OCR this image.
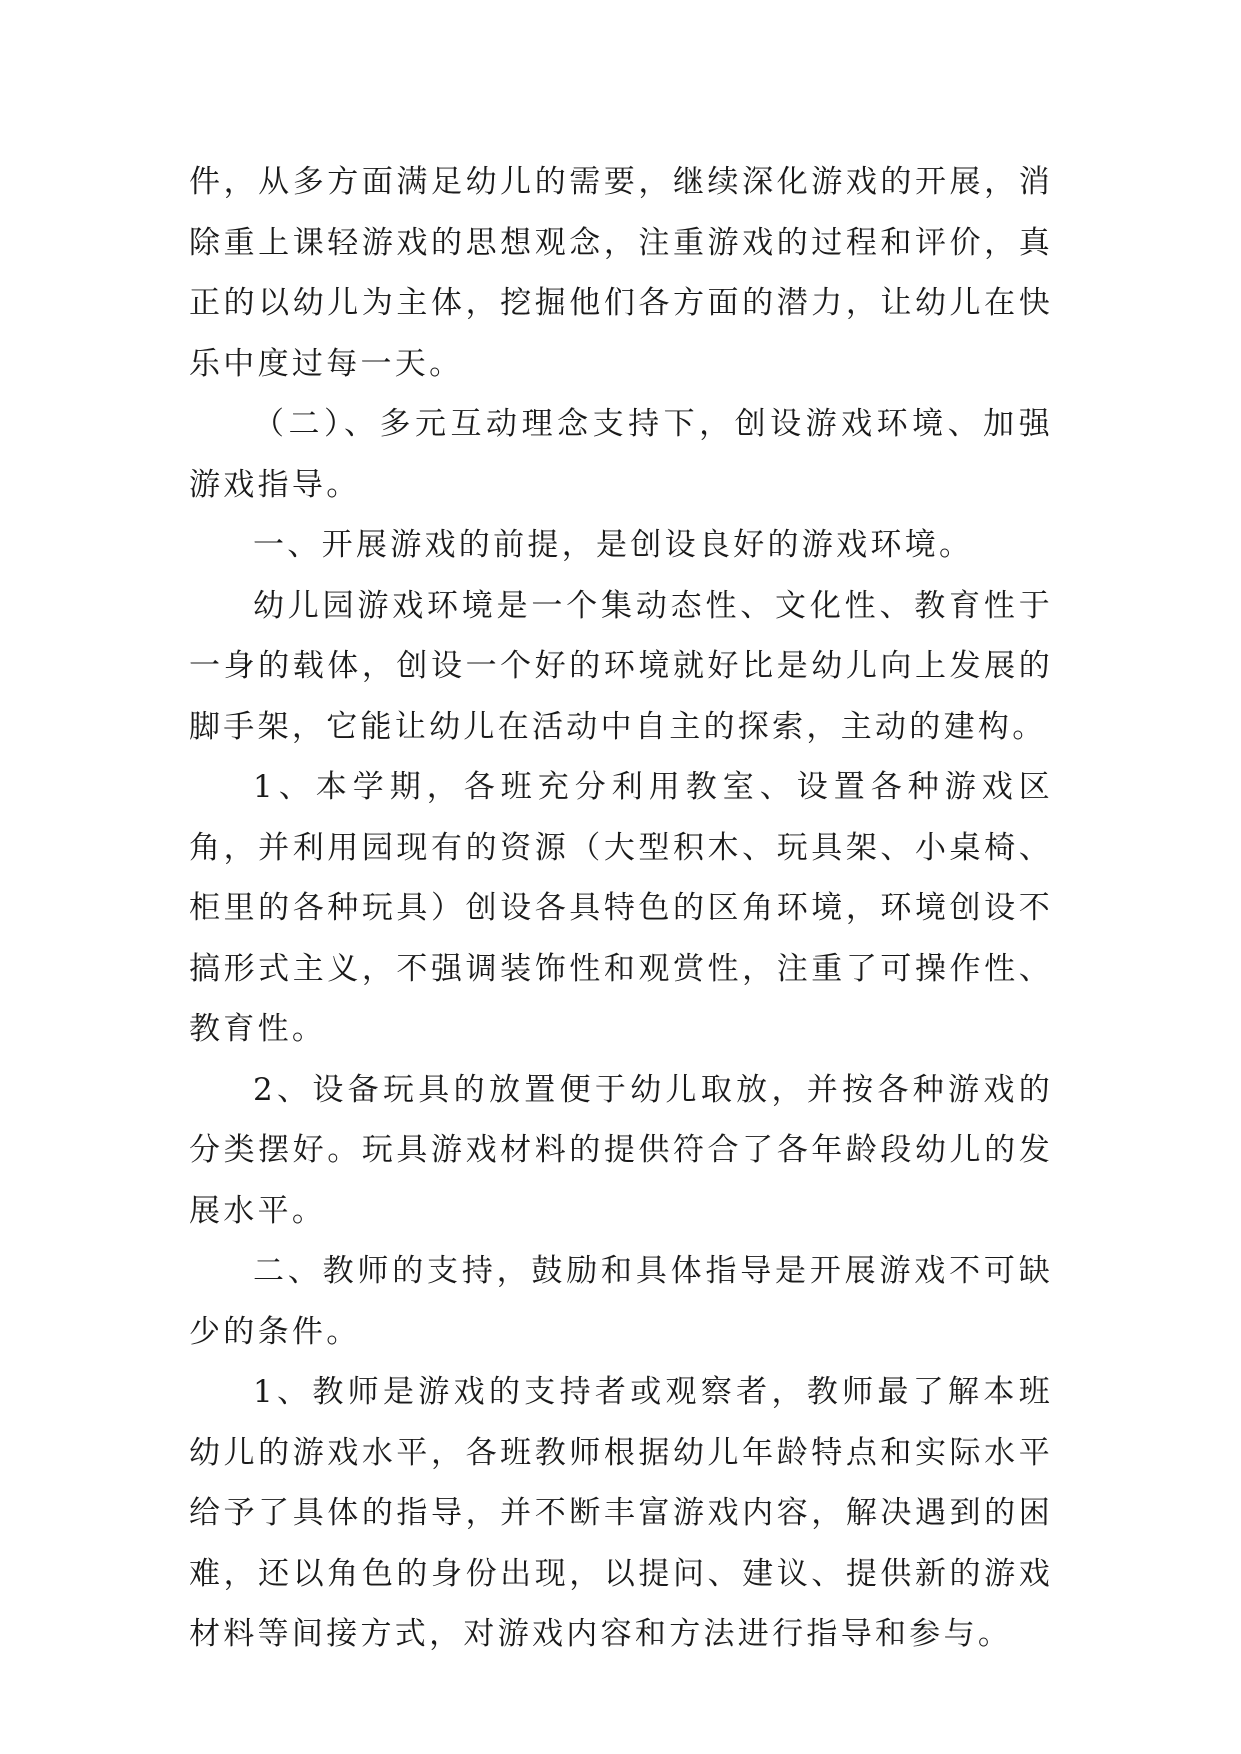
件，从多方面满足幼儿的需要，继续深化游戏的开展，消除重上课轻游戏的思想观念，注重游戏的过程和评价，真正的以幼儿为主体，挖掘他们各方面的潜力，让幼儿在快乐中度过每一天。

（二）、多元互动理念支持下，创设游戏环境、加强游戏指导。

一、开展游戏的前提，是创设良好的游戏环境。

幼儿园游戏环境是一个集动态性、文化性、教育性于一身的载体，创设一个好的环境就好比是幼儿向上发展的脚手架，它能让幼儿在活动中自主的探索，主动的建构。

1、本学期，各班充分利用教室、设置各种游戏区角，并利用园现有的资源（大型积木、玩具架、小桌椅、柜里的各种玩具）创设各具特色的区角环境，环境创设不搞形式主义，不强调装饰性和观赏性，注重了可操作性、教育性。

2、设备玩具的放置便于幼儿取放，并按各种游戏的分类摆好。玩具游戏材料的提供符合了各年龄段幼儿的发展水平。

二、教师的支持，鼓励和具体指导是开展游戏不可缺少的条件。

1、教师是游戏的支持者或观察者，教师最了解本班幼儿的游戏水平，各班教师根据幼儿年龄特点和实际水平给予了具体的指导，并不断丰富游戏内容，解决遇到的困难，还以角色的身份出现，以提问、建议、提供新的游戏材料等间接方式，对游戏内容和方法进行指导和参与。
